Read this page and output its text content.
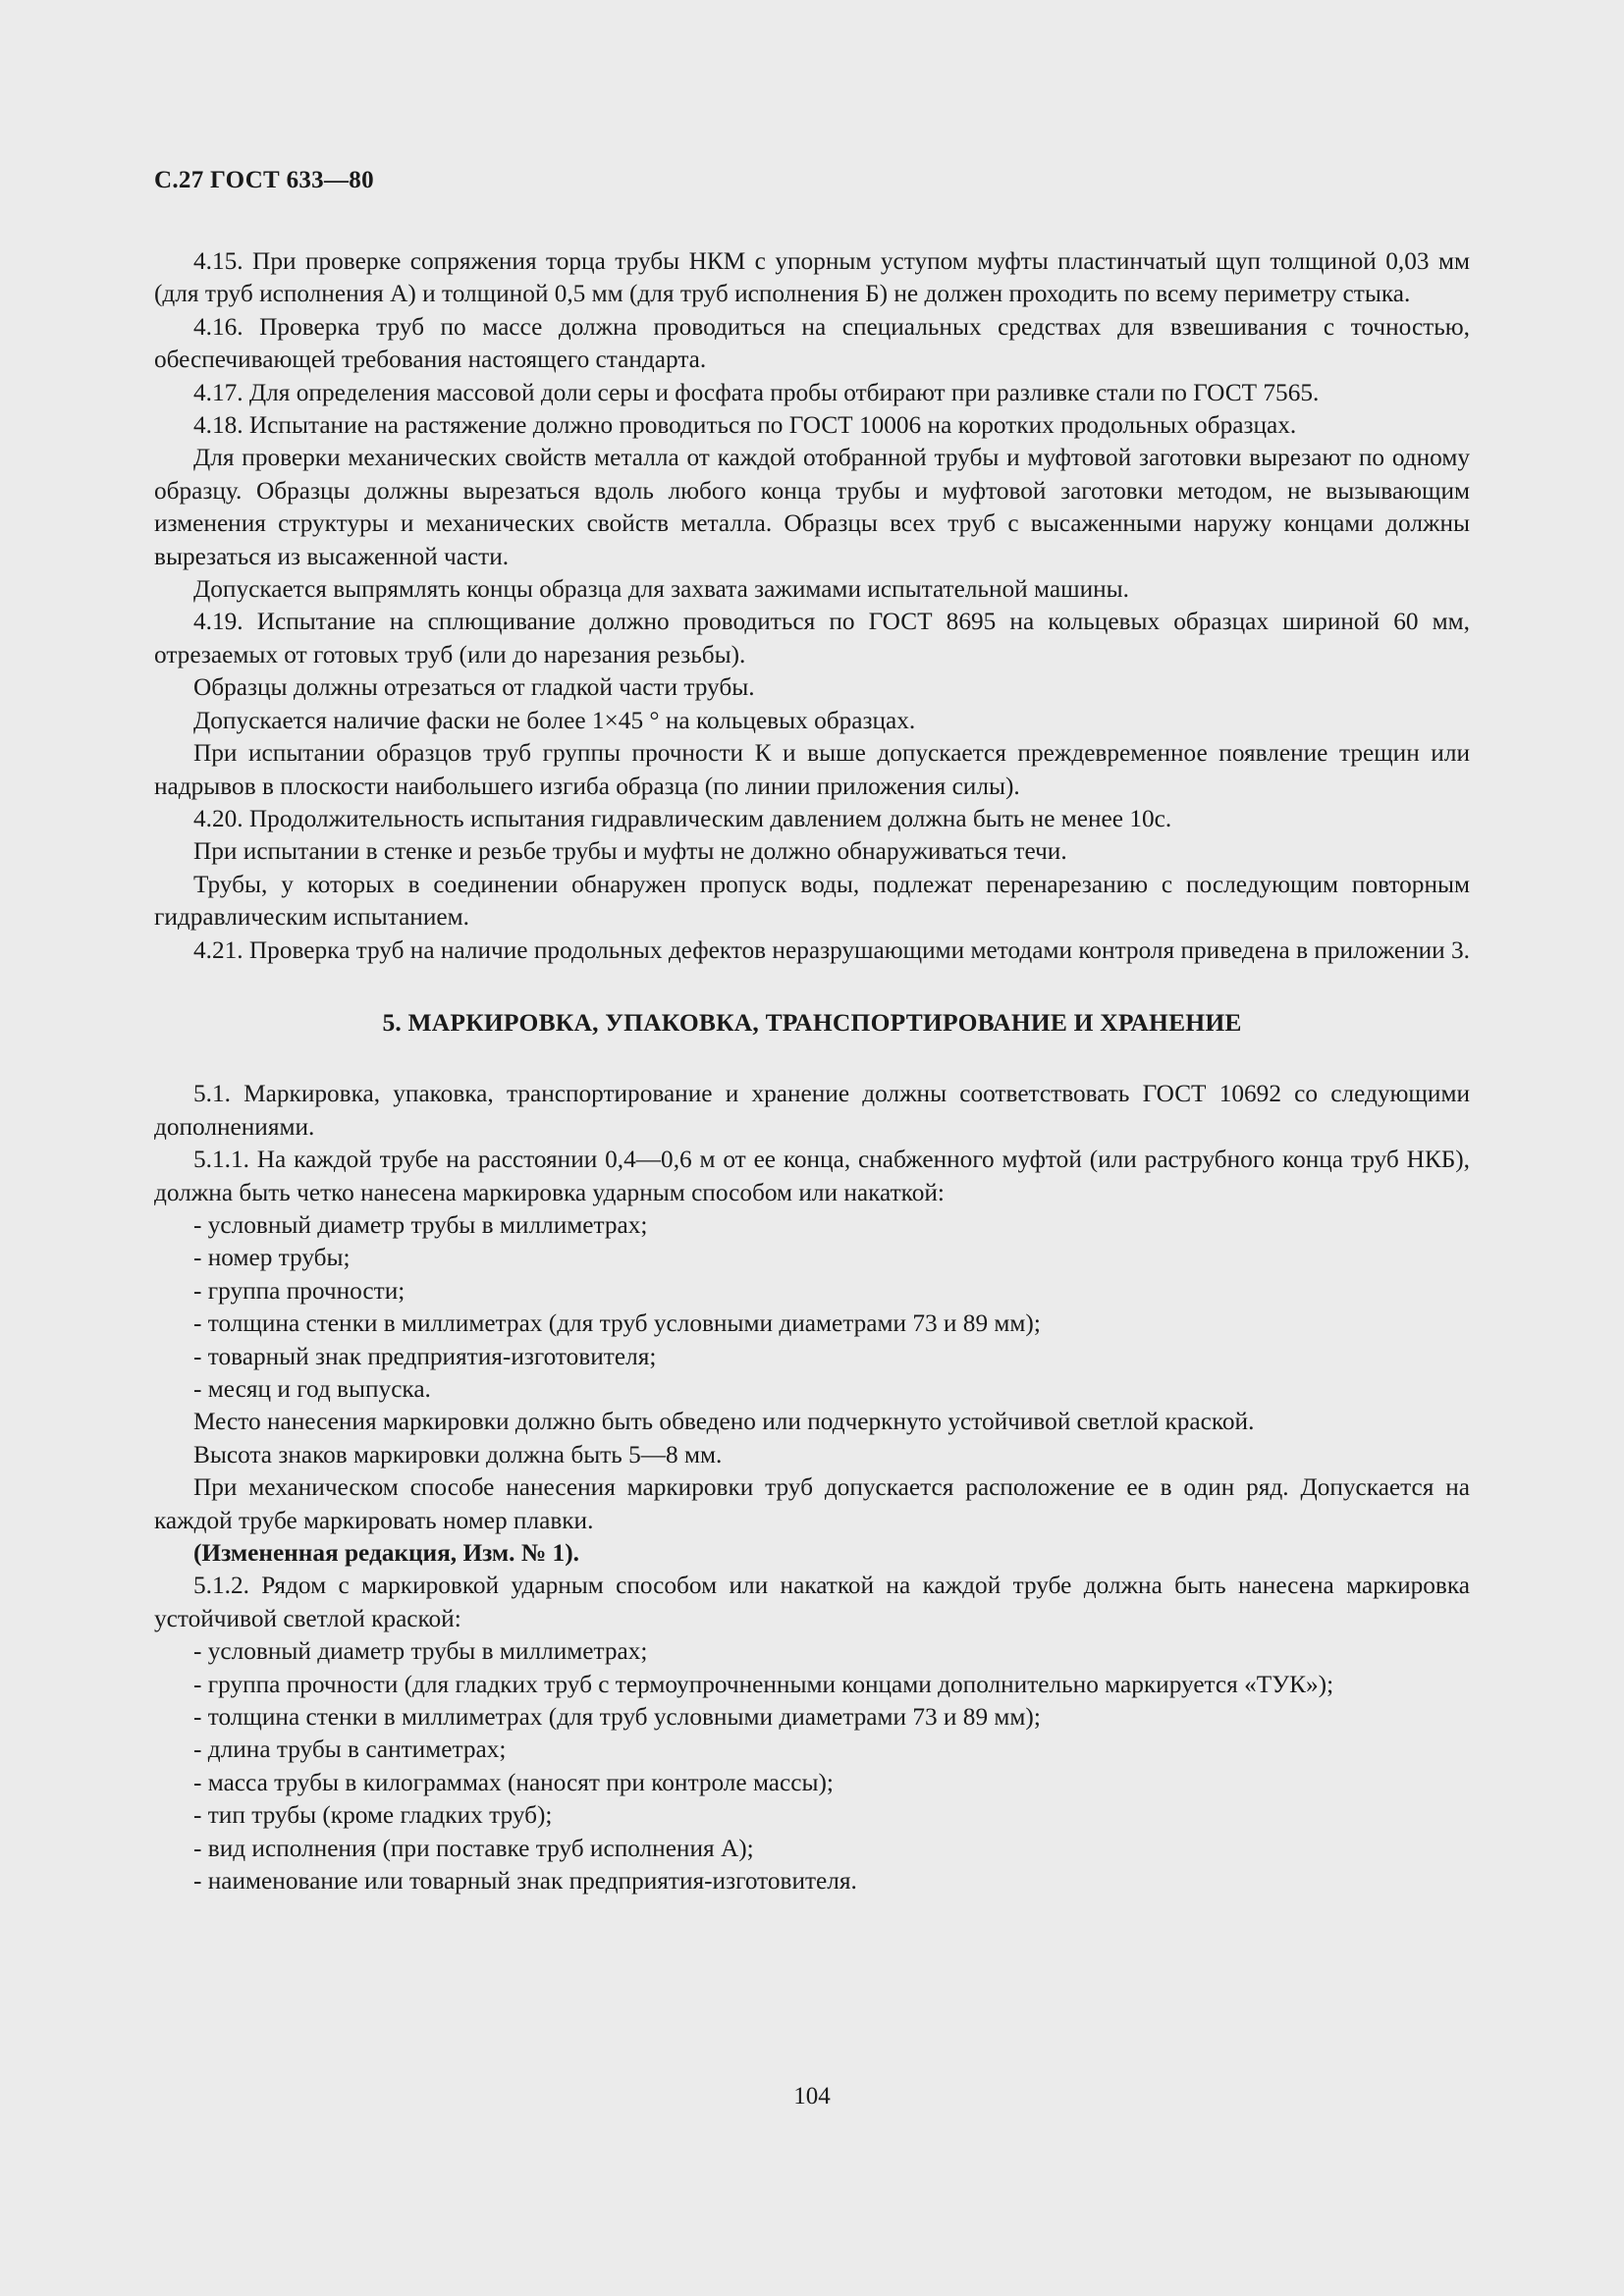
С.27 ГОСТ 633—80

4.15. При проверке сопряжения торца трубы НКМ с упорным уступом муфты пластинчатый щуп толщиной 0,03 мм (для труб исполнения А) и толщиной 0,5 мм (для труб исполнения Б) не должен проходить по всему периметру стыка.

4.16. Проверка труб по массе должна проводиться на специальных средствах для взвешивания с точностью, обеспечивающей требования настоящего стандарта.

4.17. Для определения массовой доли серы и фосфата пробы отбирают при разливке стали по ГОСТ 7565.

4.18. Испытание на растяжение должно проводиться по ГОСТ 10006 на коротких продольных образцах.

Для проверки механических свойств металла от каждой отобранной трубы и муфтовой заготовки вырезают по одному образцу. Образцы должны вырезаться вдоль любого конца трубы и муфтовой заготовки методом, не вызывающим изменения структуры и механических свойств металла. Образцы всех труб с высаженными наружу концами должны вырезаться из высаженной части.

Допускается выпрямлять концы образца для захвата зажимами испытательной машины.

4.19. Испытание на сплющивание должно проводиться по ГОСТ 8695 на кольцевых образцах шириной 60 мм, отрезаемых от готовых труб (или до нарезания резьбы).

Образцы должны отрезаться от гладкой части трубы.

Допускается наличие фаски не более 1×45 ° на кольцевых образцах.

При испытании образцов труб группы прочности К и выше допускается преждевременное появление трещин или надрывов в плоскости наибольшего изгиба образца (по линии приложения силы).

4.20. Продолжительность испытания гидравлическим давлением должна быть не менее 10с.

При испытании в стенке и резьбе трубы и муфты не должно обнаруживаться течи.

Трубы, у которых в соединении обнаружен пропуск воды, подлежат перенарезанию с последующим повторным гидравлическим испытанием.

4.21. Проверка труб на наличие продольных дефектов неразрушающими методами контроля приведена в приложении 3.

5. МАРКИРОВКА, УПАКОВКА, ТРАНСПОРТИРОВАНИЕ И ХРАНЕНИЕ

5.1. Маркировка, упаковка, транспортирование и хранение должны соответствовать ГОСТ 10692 со следующими дополнениями.

5.1.1. На каждой трубе на расстоянии 0,4—0,6 м от ее конца, снабженного муфтой (или раструбного конца труб НКБ), должна быть четко нанесена маркировка ударным способом или накаткой:

- условный диаметр трубы в миллиметрах;

- номер трубы;

- группа прочности;

- толщина стенки в миллиметрах (для труб условными диаметрами 73 и 89 мм);

- товарный знак предприятия-изготовителя;

- месяц и год выпуска.

Место нанесения маркировки должно быть обведено или подчеркнуто устойчивой светлой краской.

Высота знаков маркировки должна быть 5—8 мм.

При механическом способе нанесения маркировки труб допускается расположение ее в один ряд. Допускается на каждой трубе маркировать номер плавки.

(Измененная редакция, Изм. № 1).

5.1.2. Рядом с маркировкой ударным способом или накаткой на каждой трубе должна быть нанесена маркировка устойчивой светлой краской:

- условный диаметр трубы в миллиметрах;

- группа прочности (для гладких труб с термоупрочненными концами дополнительно маркируется «ТУК»);

- толщина стенки в миллиметрах (для труб условными диаметрами 73 и 89 мм);

- длина трубы в сантиметрах;

- масса трубы в килограммах (наносят при контроле массы);

- тип трубы (кроме гладких труб);

- вид исполнения (при поставке труб исполнения А);

- наименование или товарный знак предприятия-изготовителя.

104
